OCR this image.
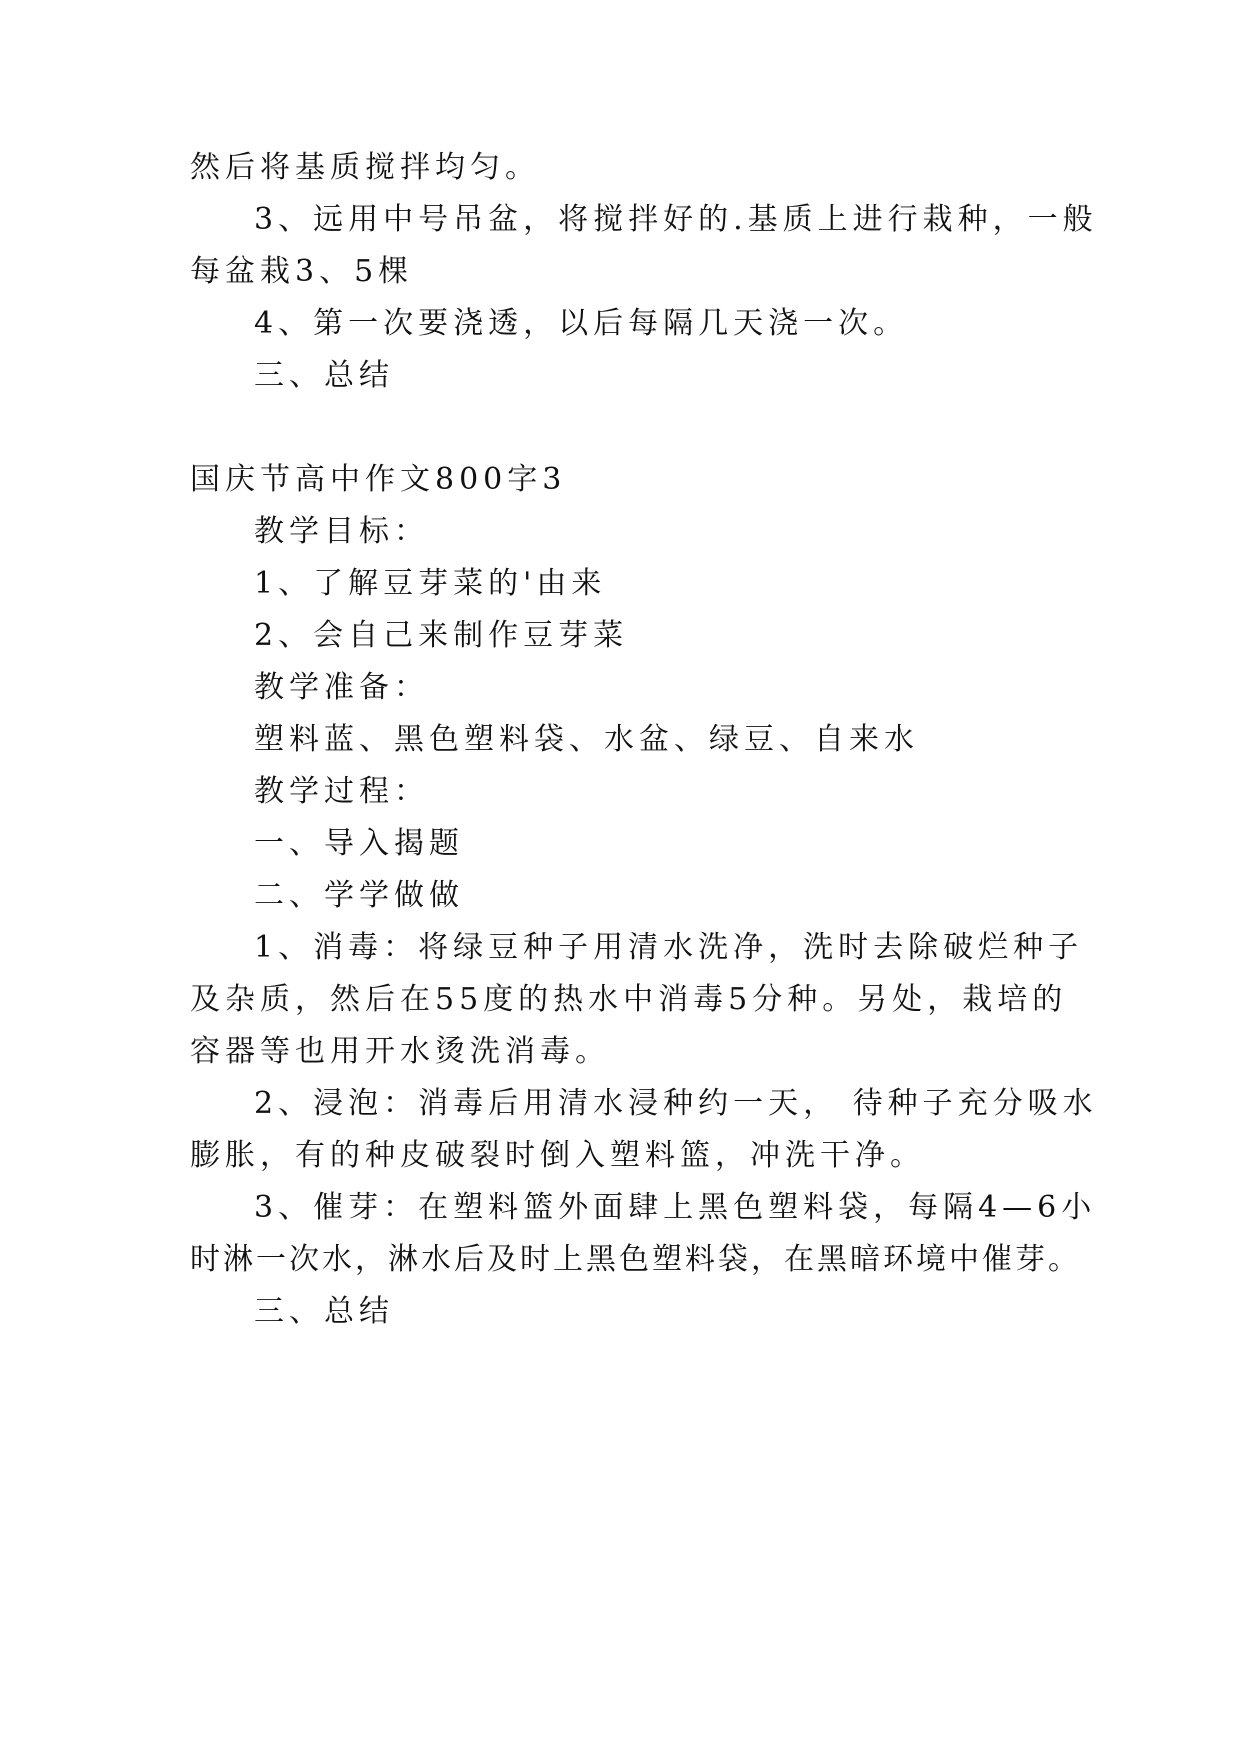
然后将基质搅拌均匀。
3、远用中号吊盆，将搅拌好的.基质上进行栽种，一般
每盆栽3、5棵
4、第一次要浇透，以后每隔几天浇一次。
三、总结
国庆节高中作文800字3
教学目标：
1、了解豆芽菜的'由来
2、会自己来制作豆芽菜
教学准备：
塑料蓝、黑色塑料袋、水盆、绿豆、自来水
教学过程：
一、导入揭题
二、学学做做
1、消毒：将绿豆种子用清水洗净，洗时去除破烂种子
及杂质，然后在55度的热水中消毒5分种。另处，栽培的
容器等也用开水烫洗消毒。
2、浸泡：消毒后用清水浸种约一天， 待种子充分吸水
膨胀，有的种皮破裂时倒入塑料篮，冲洗干净。
3、催芽：在塑料篮外面肆上黑色塑料袋，每隔4—6小
时淋一次水，淋水后及时上黑色塑料袋，在黑暗环境中催芽。
三、总结
